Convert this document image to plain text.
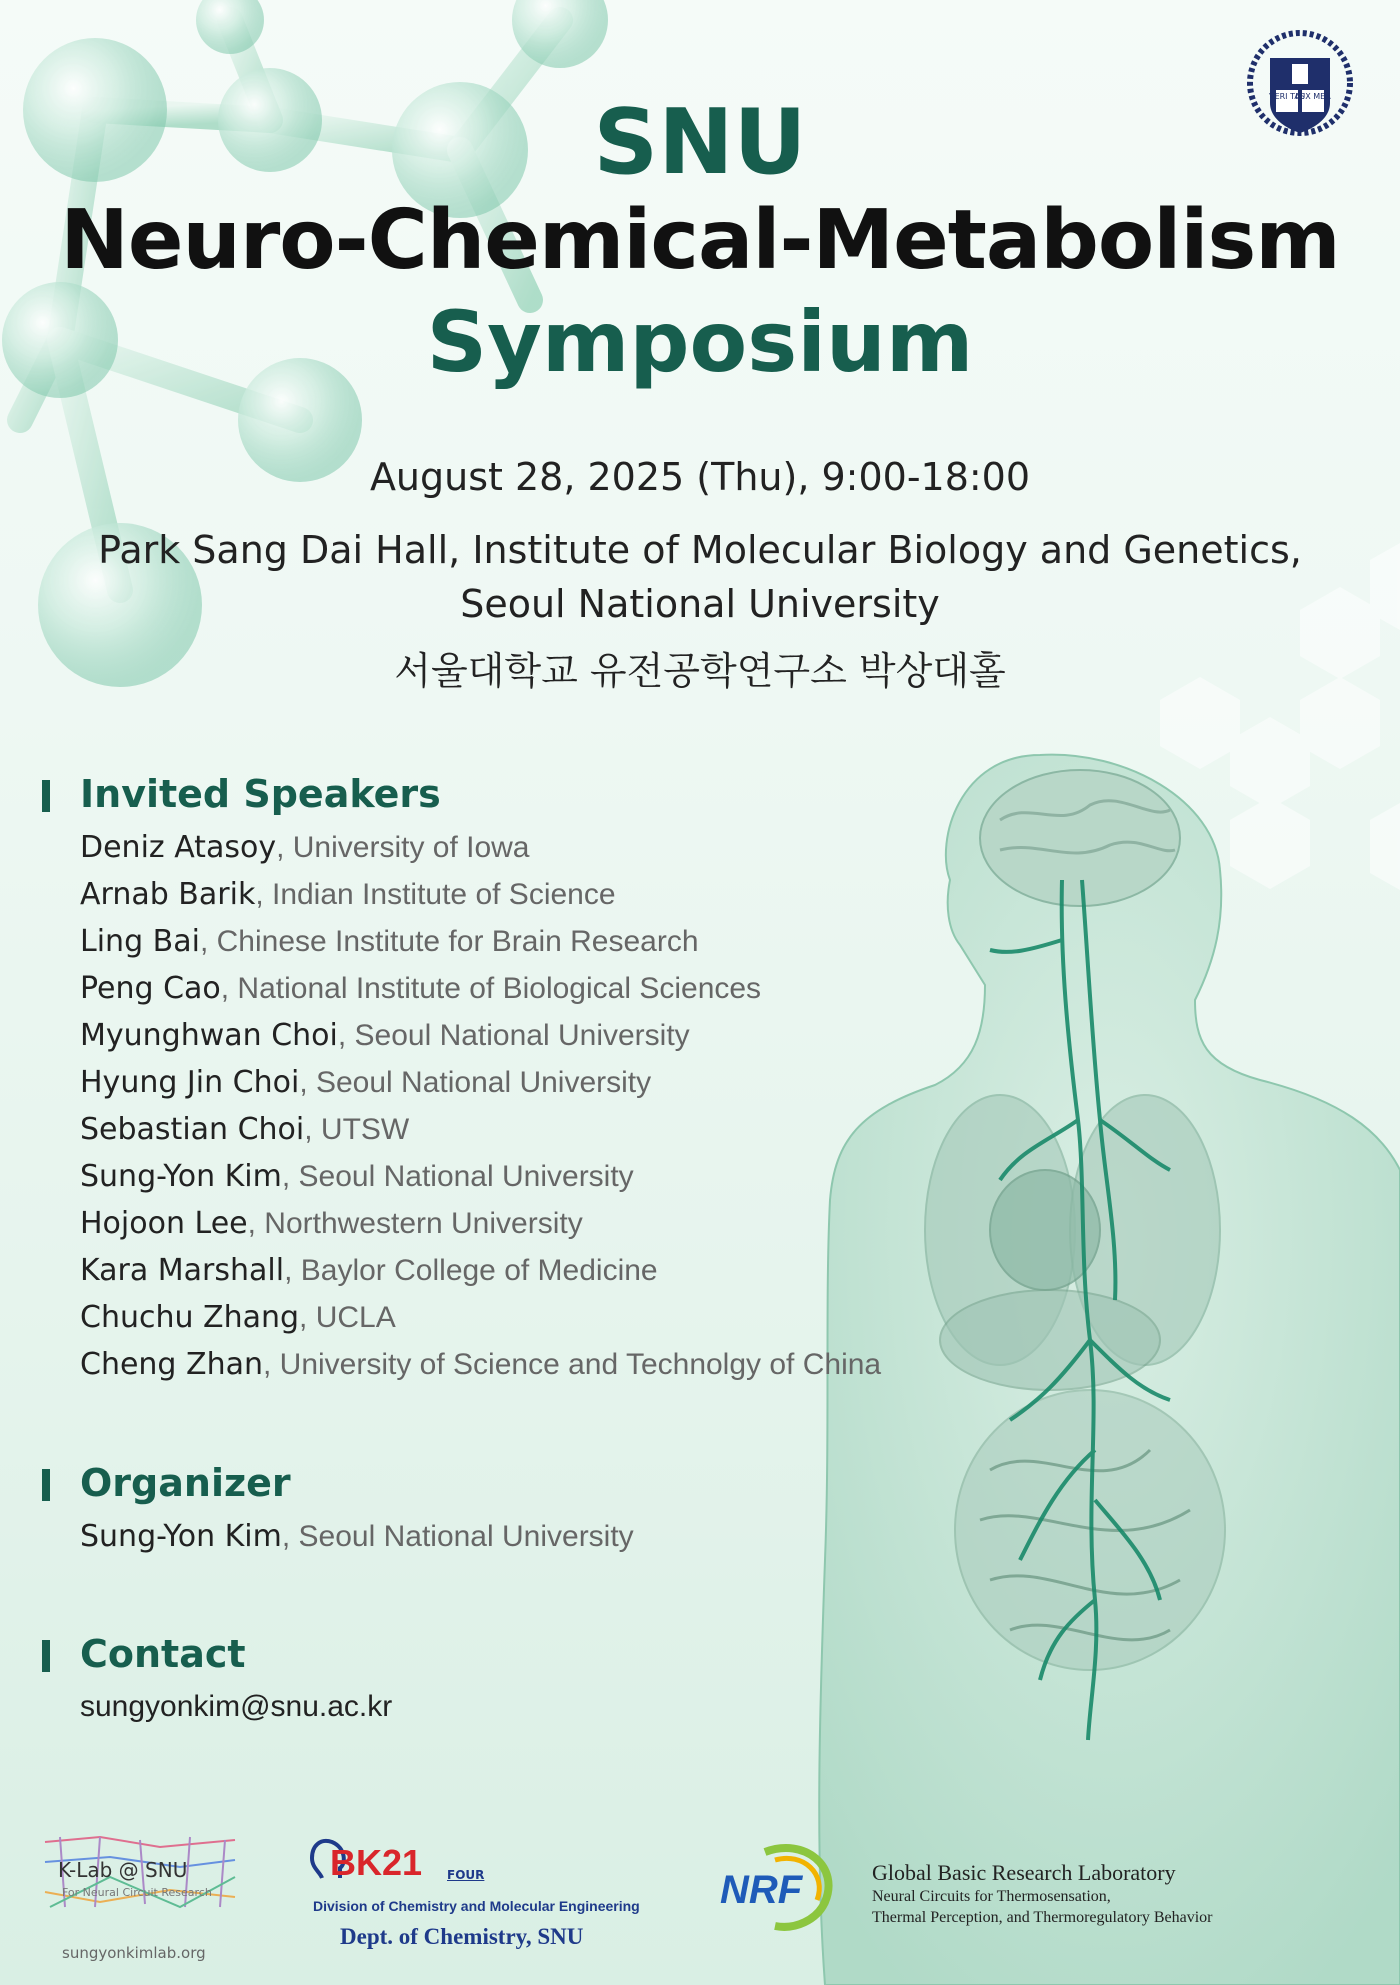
VERI TAS
LUX MEA
SNU
Neuro-Chemical-Metabolism
Symposium
August 28, 2025 (Thu), 9:00-18:00
Park Sang Dai Hall, Institute of Molecular Biology and Genetics,
Seoul National University
서울대학교 유전공학연구소 박상대홀
Invited Speakers
Deniz Atasoy, University of Iowa
Arnab Barik, Indian Institute of Science
Ling Bai, Chinese Institute for Brain Research
Peng Cao, National Institute of Biological Sciences
Myunghwan Choi, Seoul National University
Hyung Jin Choi, Seoul National University
Sebastian Choi, UTSW
Sung-Yon Kim, Seoul National University
Hojoon Lee, Northwestern University
Kara Marshall, Baylor College of Medicine
Chuchu Zhang, UCLA
Cheng Zhan, University of Science and Technolgy of China
Organizer
Sung-Yon Kim, Seoul National University
Contact
sungyonkim@snu.ac.kr
K-Lab @ SNU
For Neural Circuit Research
sungyonkimlab.org
BK21 FOUR
Division of Chemistry and Molecular Engineering
Dept. of Chemistry, SNU
NRF	Global Basic Research Laboratory
Neural Circuits for Thermosensation,
Thermal Perception, and Thermoregulatory Behavior
